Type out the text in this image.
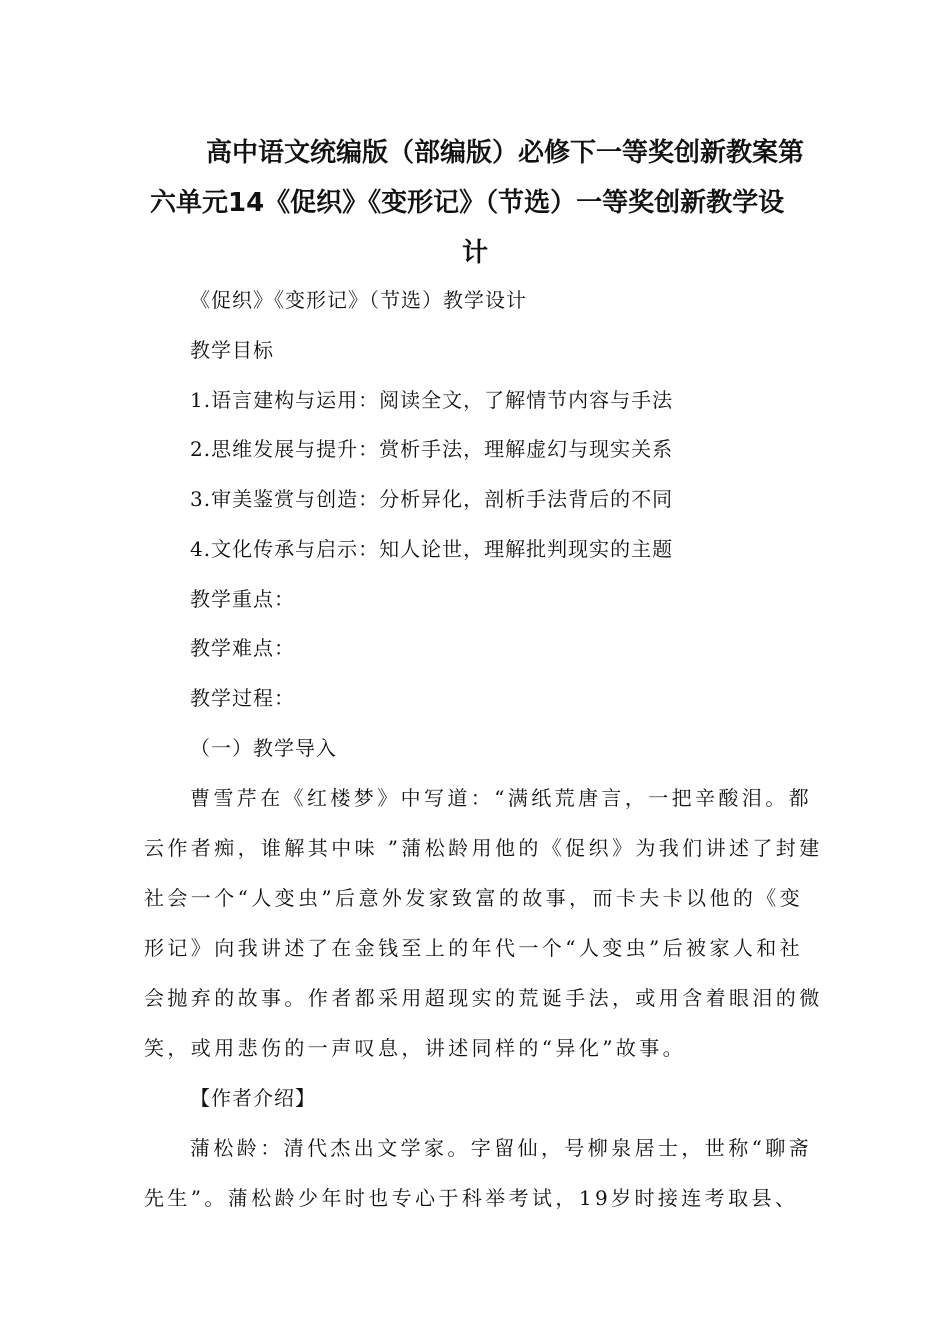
高中语文统编版（部编版）必修下一等奖创新教案第
六单元14《促织》《变形记》（节选）一等奖创新教学设
计
《促织》《变形记》（节选）教学设计
教学目标
1.语言建构与运用：阅读全文，了解情节内容与手法
2.思维发展与提升：赏析手法，理解虚幻与现实关系
3.审美鉴赏与创造：分析异化，剖析手法背后的不同
4.文化传承与启示：知人论世，理解批判现实的主题
教学重点：
教学难点：
教学过程：
（一）教学导入
曹雪芹在《红楼梦》中写道：“满纸荒唐言，一把辛酸泪。都
云作者痴，谁解其中味 ”蒲松龄用他的《促织》为我们讲述了封建
社会一个“人变虫”后意外发家致富的故事，而卡夫卡以他的《变
形记》向我讲述了在金钱至上的年代一个“人变虫”后被家人和社
会抛弃的故事。作者都采用超现实的荒诞手法，或用含着眼泪的微
笑，或用悲伤的一声叹息，讲述同样的“异化”故事。
【作者介绍】
蒲松龄：清代杰出文学家。字留仙，号柳泉居士，世称“聊斋
先生”。蒲松龄少年时也专心于科举考试，19岁时接连考取县、
